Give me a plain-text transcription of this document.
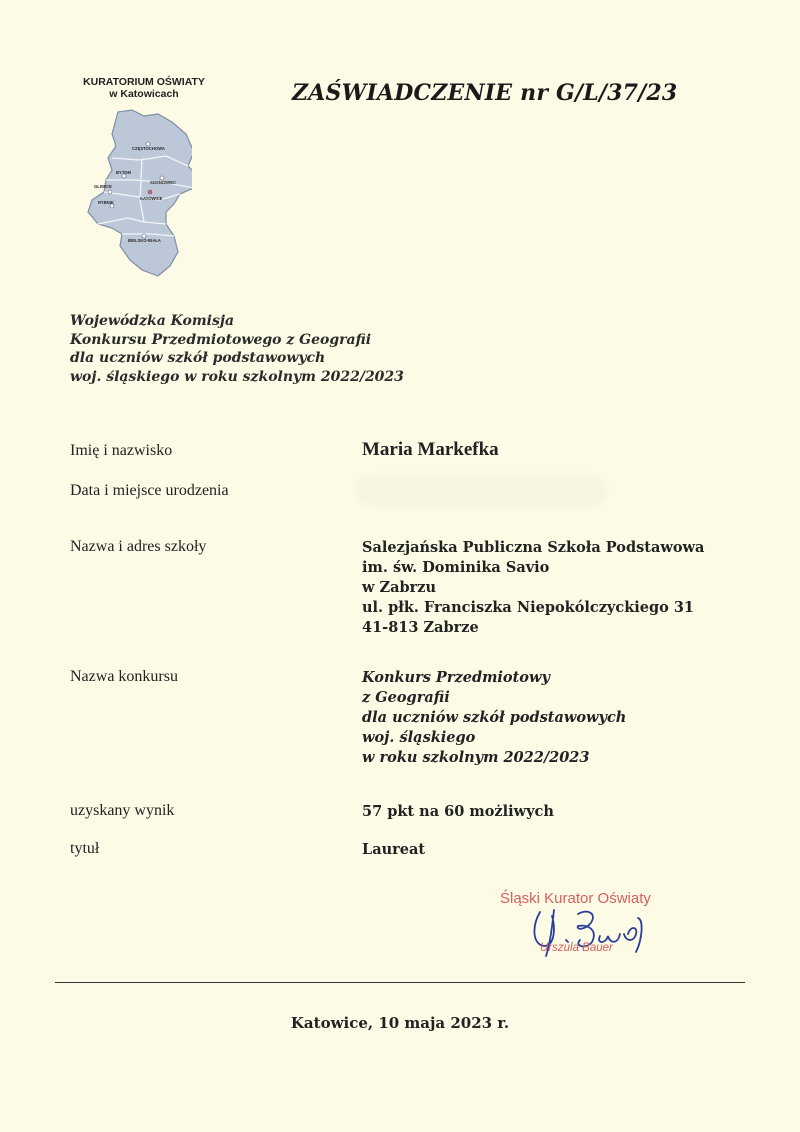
KURATORIUM OŚWIATY
w Katowicach
CZĘSTOCHOWA
BYTOM
SOSNOWIEC
GLIWICE
KATOWICE
RYBNIK
BIELSKO-BIAŁA
ZAŚWIADCZENIE nr G/L/37/23
Wojewódzka Komisja
Konkursu Przedmiotowego z Geografii
dla uczniów szkół podstawowych
woj. śląskiego w roku szkolnym 2022/2023
Imię i nazwisko	Maria Markefka
Data i miejsce urodzenia
Nazwa i adres szkoły	Salezjańska Publiczna Szkoła Podstawowa
im. św. Dominika Savio
w Zabrzu
ul. płk. Franciszka Niepokólczyckiego 31
41-813 Zabrze
Nazwa konkursu	Konkurs Przedmiotowy
z Geografii
dla uczniów szkół podstawowych
woj. śląskiego
w roku szkolnym 2022/2023
uzyskany wynik	57 pkt na 60 możliwych
tytuł	Laureat
Śląski Kurator Oświaty
Urszula Bauer
Katowice, 10 maja 2023 r.
